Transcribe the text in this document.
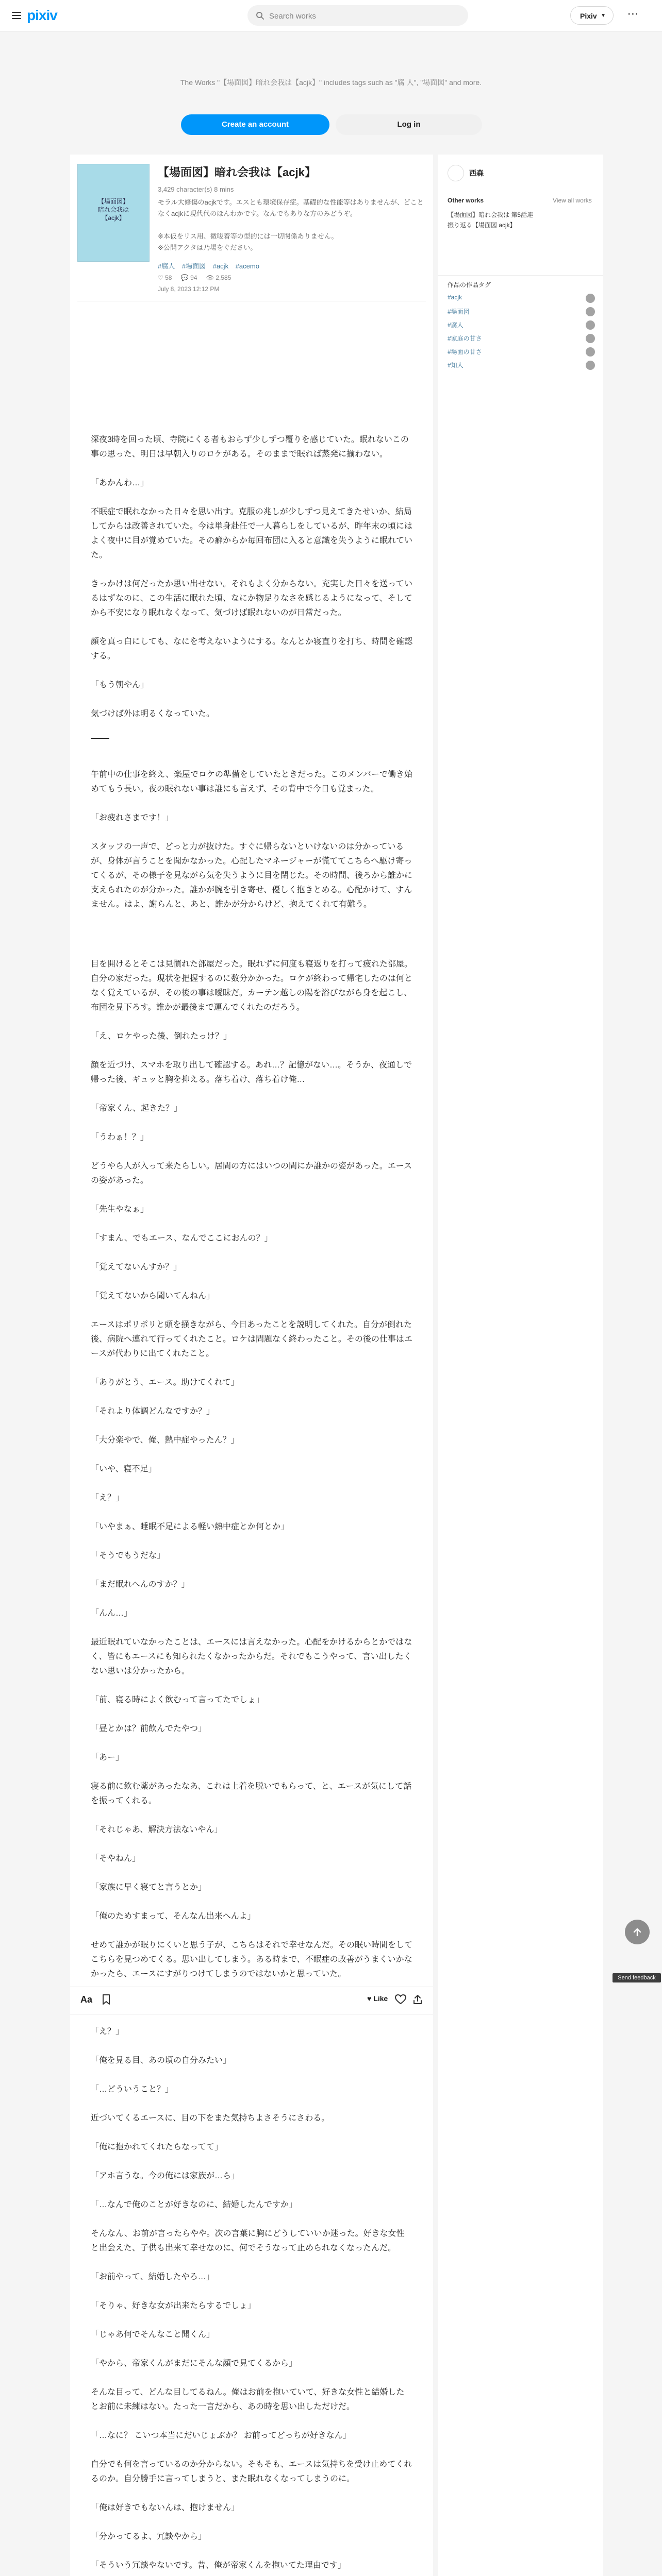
pixiv
Search works	Pixiv ▼ ⋯
The Works "【場面図】暗れ会我は【acjk】" includes tags such as "腐 人", "場面図" and more.
Create an account	Log in
【場面図】
暗れ会我は
【acjk】
【場面図】暗れ会我は【acjk】
3,429 character(s) 8 mins

モラル大修傷のacjkです。エスとも環境保存症。基礎的な性能等はありませんが、どことなくacjkに現代代のほんわかです。なんでもありな方のみどうぞ。

※本仮をリス用、微唆着等の型的には一切関係ありません。

※公開アクタは乃場をぐださい。

#腐人 #場面図 #acjk #acemo
♡ 58 💬 94 👁 2,585
July 8, 2023 12:12 PM

深夜3時を回った頃、寺院にくる者もおらず少しずつ覆りを感じていた。眠れないこの事の思った、明日は早朝入りのロケがある。そのままで眠れば蒸発に揃わない。

「あかんわ…」

不眠症で眠れなかった日々を思い出す。克服の兆しが少しずつ見えてきたせいか、結局してからは改善されていた。今は単身赴任で一人暮らしをしているが、昨年末の頃にはよく夜中に目が覚めていた。その癖からか毎回布団に入ると意識を失うように眠れていた。

きっかけは何だったか思い出せない。それもよく分からない。充実した日々を送っているはずなのに、この生活に眠れた頃、なにか物足りなさを感じるようになって、そしてから不安になり眠れなくなって、気づけば眠れないのが日常だった。

顔を真っ白にしても、なにを考えないようにする。なんとか寝直りを打ち、時間を確認する。

「もう朝やん」

気づけば外は明るくなっていた。

午前中の仕事を終え、楽屋でロケの準備をしていたときだった。このメンバーで働き始めてもう長い。夜の眠れない事は誰にも言えず、その背中で今日も覚まった。

「お疲れさまです！」

スタッフの一声で、どっと力が抜けた。すぐに帰らないといけないのは分かっているが、身体が言うことを聞かなかった。心配したマネージャーが慌ててこちらへ駆け寄ってくるが、その様子を見ながら気を失うように目を閉じた。その時間、後ろから誰かに支えられたのが分かった。誰かが腕を引き寄せ、優しく抱きとめる。心配かけて、すんません。はよ、謝らんと、あと、誰かが分からけど、抱えてくれて有難う。

目を開けるとそこは見慣れた部屋だった。眠れずに何度も寝返りを打って疲れた部屋。自分の家だった。現状を把握するのに数分かかった。ロケが終わって帰宅したのは何となく覚えているが、その後の事は曖昧だ。カーテン越しの陽を浴びながら身を起こし、布団を見下ろす。誰かが最後まで運んでくれたのだろう。

「え、ロケやった後、倒れたっけ？」

顔を近づけ、スマホを取り出して確認する。あれ…？記憶がない…。そうか、夜通しで帰った後、ギュッと胸を抑える。落ち着け、落ち着け俺…

「帝家くん、起きた？」

「うわぁ！？」

どうやら人が入って来たらしい。居間の方にはいつの間にか誰かの姿があった。エースの姿があった。

「先生やなぁ」

「すまん、でもエース、なんでここにおんの？」

「覚えてないんすか？」

「覚えてないから聞いてんねん」

エースはポリポリと頭を掻きながら、今日あったことを説明してくれた。自分が倒れた後、病院へ連れて行ってくれたこと。ロケは問題なく終わったこと。その後の仕事はエースが代わりに出てくれたこと。

「ありがとう、エース。助けてくれて」

「それより体調どんなですか？」

「大分楽やで、俺、熱中症やったん？」

「いや、寝不足」

「え？」

「いやまぁ、睡眠不足による軽い熱中症とか何とか」

「そうでもうだな」

「まだ眠れへんのすか？」

「んん…」

最近眠れていなかったことは、エースには言えなかった。心配をかけるからとかではなく、皆にもエースにも知られたくなかったからだ。それでもこうやって、言い出したくない思いは分かったから。

「前、寝る時によく飲むって言ってたでしょ」

「昼とかは？前飲んでたやつ」

「あー」

寝る前に飲む薬があったなあ、これは上着を脱いでもらって、と、エースが気にして話を振ってくれる。

「それじゃあ、解決方法ないやん」

「そやねん」

「家族に早く寝てと言うとか」

「俺のためすまって、そんなん出来へんよ」

せめて誰かが眠りにくいと思う子が、こちらはそれで幸せなんだ。その眠い時間をしてこちらを見つめてくる。思い出してしまう。ある時まで、不眠症の改善がうまくいかなかったら、エースにすがりつけてしまうのではないかと思っていた。

「え？」

「俺を見る目、あの頃の自分みたい」

「…どういうこと？」

近づいてくるエースに、目の下をまた気持ちよさそうにさわる。

「俺に抱かれてくれたらなってて」

「アホ言うな。今の俺には家族が…ら」

「…なんで俺のことが好きなのに、結婚したんですか」

そんなん、お前が言ったらやや。次の言葉に胸にどうしていいか迷った。好きな女性と出会えた、子供も出来て幸せなのに、何でそうなって止められなくなったんだ。

「お前やって、結婚したやろ…」

「そりゃ、好きな女が出来たらするでしょ」

「じゃあ何でそんなこと聞くん」

「やから、帝家くんがまだにそんな顔で見てくるから」

そんな目って、どんな目してるねん。俺はお前を抱いていて、好きな女性と結婚したとお前に未練はない。たった一言だから、あの時を思い出しただけだ。

「…なに？ こいつ本当にだいじょぶか？ お前ってどっちが好きなん」

自分でも何を言っているのか分からない。そもそも、エースは気持ちを受け止めてくれるのか。自分勝手に言ってしまうと、また眠れなくなってしまうのに。

「俺は好きでもないんは、抱けません」

「分かってるよ、冗談やから」

「そういう冗談やないです。昔、俺が帝家くんを抱いてた理由です」

Aa	♥ Like
西森
Other works	View all works
【場面図】暗れ会我は 第5話連
振り返る【場面図 acjk】
作品の作品タグ
#acjk
#場面図
#腐人
#家庭の甘さ
#場面の甘さ
#知人
Send feedback
